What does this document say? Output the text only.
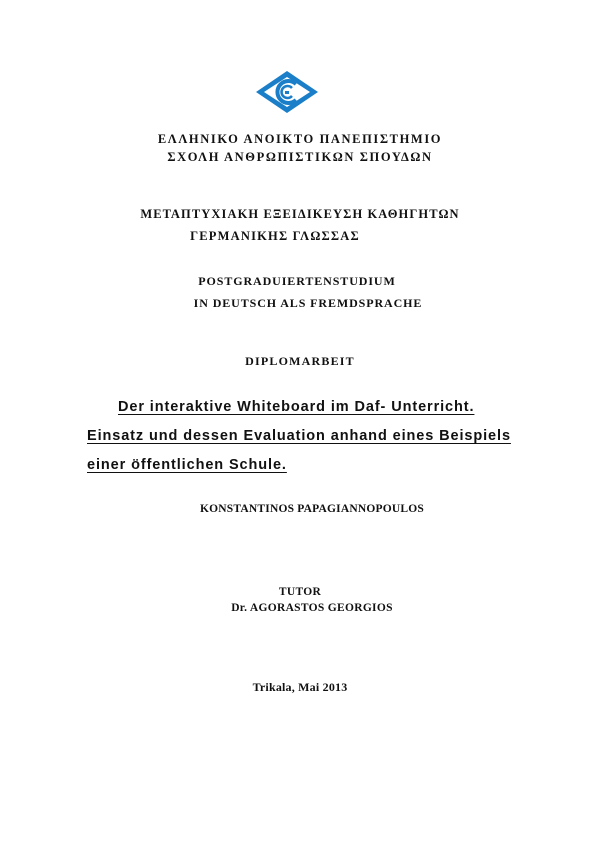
ΕΛΛΗΝΙΚΟ ΑΝΟΙΚΤΟ ΠΑΝΕΠΙΣΤΗΜΙΟ
ΣΧΟΛΗ ΑΝΘΡΩΠΙΣΤΙΚΩΝ ΣΠΟΥΔΩΝ
ΜΕΤΑΠΤΥΧΙΑΚΗ ΕΞΕΙΔΙΚΕΥΣΗ ΚΑΘΗΓΗΤΩΝ
ΓΕΡΜΑΝΙΚΗΣ ΓΛΩΣΣΑΣ
POSTGRADUIERTENSTUDIUM
IN DEUTSCH ALS FREMDSPRACHE
DIPLOMARBEIT
Der interaktive Whiteboard im Daf- Unterricht.
Einsatz und dessen Evaluation anhand eines Beispiels
einer öffentlichen Schule.
KONSTANTINOS PAPAGIANNOPOULOS
TUTOR
Dr. AGORASTOS GEORGIOS
Trikala, Mai 2013
